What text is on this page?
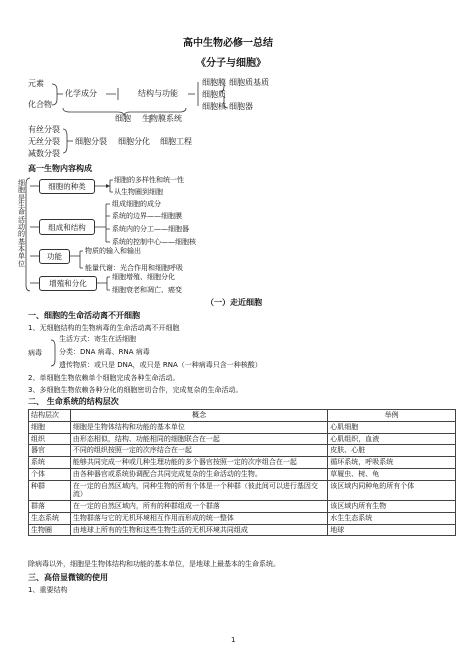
高中生物必修一总结
《分子与细胞》
元素
化合物
化学成分	结构与功能
细胞膜
细胞质
细胞核
细胞质基质
细胞器
细胞 生物膜系统
有丝分裂
无丝分裂
减数分裂
细胞分裂 细胞分化 细胞工程
高一生物内容构成
细胞是生命活动的基本单位
细胞的种类
细胞的多样性和统一性
从生物圈到细胞
组成和结构
组成细胞的成分
系统的边界——细胞膜
系统内的分工——细胞器
系统的控制中心——细胞核
功能
物质的输入和输出
能量代谢：光合作用和细胞呼吸
增殖和分化
细胞增殖、细胞分化
细胞衰老和凋亡、癌变
（一）走近细胞
一、细胞的生命活动离不开细胞
1、无细胞结构的生物病毒的生命活动离不开细胞
病毒
生活方式：寄生在活细胞
分类：DNA 病毒、RNA 病毒
遗传物质：或只是 DNA，或只是 RNA（一种病毒只含一种核酸）
2、单细胞生物依赖单个细胞完成各种生命活动。
3、多细胞生物依赖各种分化的细胞密切合作，完成复杂的生命活动。
二、 生命系统的结构层次
结构层次	概念	举例
细胞	细胞是生物体结构和功能的基本单位	心肌细胞
组织	由形态相似，结构、功能相同的细胞联合在一起	心肌组织，血液
器官	不同的组织按照一定的次序结合在一起	皮肤、心脏
系统	能够共同完成一种或几种生理功能的多个器官按照一定的次序组合在一起	循环系统，呼吸系统
个体	由各种器官或系统协调配合共同完成复杂的生命活动的生物。	草履虫、树、龟
种群	在一定的自然区域内，同种生物的所有个体是一个种群（彼此间可以进行基因交流）	该区域内同种龟的所有个体
群落	在一定的自然区域内，所有的种群组成一个群落	该区域内所有生物
生态系统	生物群落与它的无机环境相互作用而形成的统一整体	水生生态系统
生物圈	由地球上所有的生物和这些生物生活的无机环境共同组成	地球
除病毒以外，细胞是生物体结构和功能的基本单位，是地球上最基本的生命系统。
三、高倍显微镜的使用
1、重要结构
1
